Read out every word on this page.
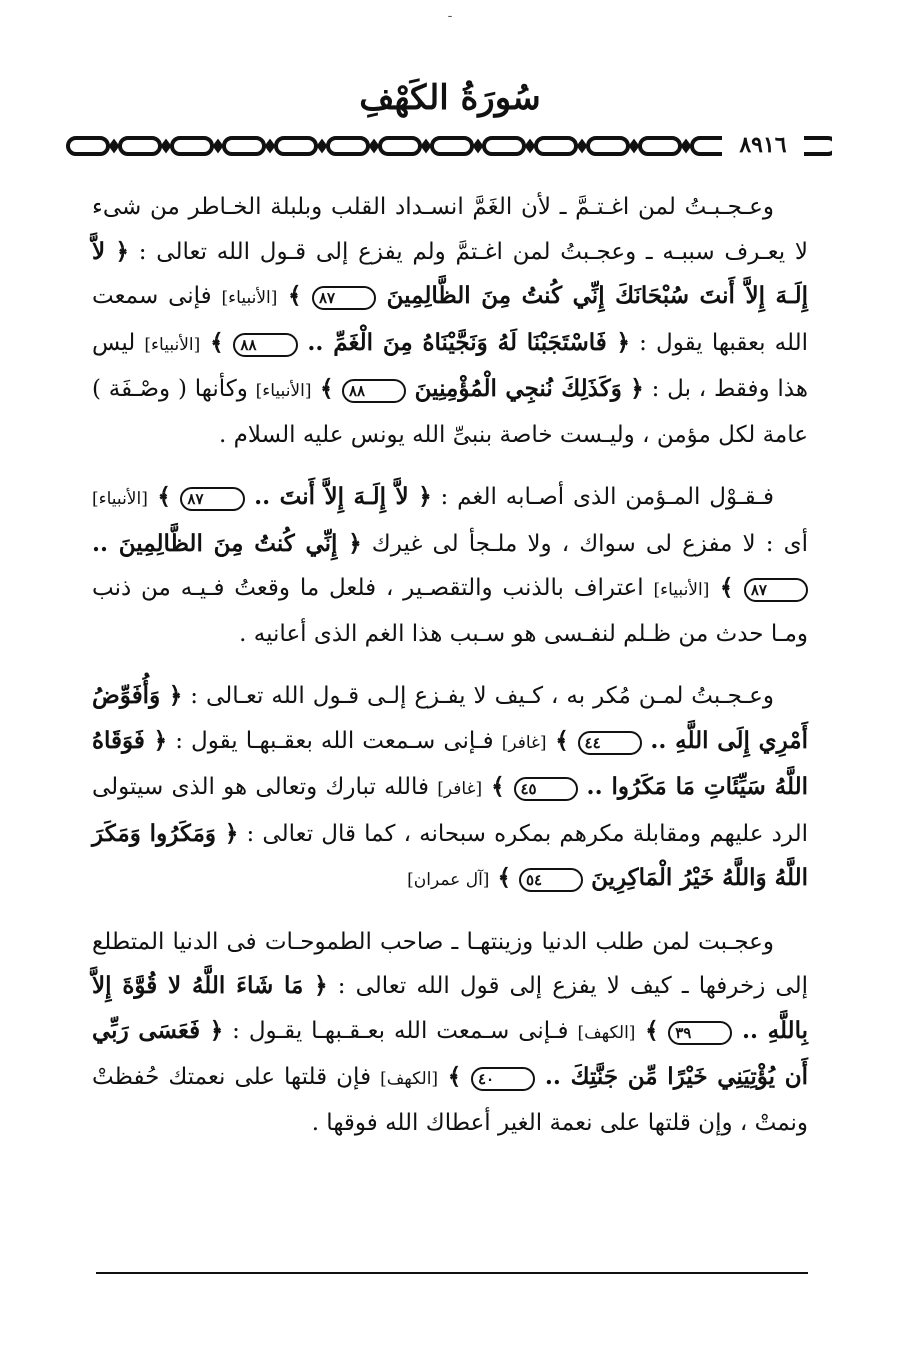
-
سُورَةُ الكَهْفِ
٨٩١٦

وعـجـبـتُ لمن اغـتـمَّ ـ لأن الغَمَّ انسـداد القلب وبلبلة الخـاطر من شىء لا يعـرف سببـه ـ وعجـبتُ لمن اغـتمَّ ولم يفزع إلى قـول الله تعالى : ﴿ لاَّ إِلَـهَ إِلاَّ أَنتَ سُبْحَانَكَ إِنِّي كُنتُ مِنَ الظَّالِمِينَ ٨٧ ﴾ [الأنبياء] فإنى سمعت الله بعقبها يقول : ﴿ فَاسْتَجَبْنَا لَهُ وَنَجَّيْنَاهُ مِنَ الْغَمِّ .. ٨٨ ﴾ [الأنبياء] ليس هذا وفقط ، بل : ﴿ وَكَذَلِكَ نُنجِي الْمُؤْمِنِينَ ٨٨ ﴾ [الأنبياء] وكأنها ( وصْـفَة ) عامة لكل مؤمن ، وليـست خاصة بنبىِّ الله يونس عليه السلام .

فـقـوْل المـؤمن الذى أصـابه الغم : ﴿ لاَّ إِلَـهَ إِلاَّ أَنتَ .. ٨٧ ﴾ [الأنبياء] أى : لا مفزع لى سواك ، ولا ملـجأ لى غيرك ﴿ إِنِّي كُنتُ مِنَ الظَّالِمِينَ .. ٨٧ ﴾ [الأنبياء] اعتراف بالذنب والتقصـير ، فلعل ما وقعتُ فـيـه من ذنب ومـا حدث من ظـلم لنفـسى هو سـبب هذا الغم الذى أعانيه .

وعـجـبتُ لمـن مُكر به ، كـيف لا يفـزع إلـى قـول الله تعـالى : ﴿ وَأُفَوِّضُ أَمْرِي إِلَى اللَّهِ .. ٤٤ ﴾ [غافر] فـإنى سـمعت الله بعقـبهـا يقول : ﴿ فَوَقَاهُ اللَّهُ سَيِّئَاتِ مَا مَكَرُوا .. ٤٥ ﴾ [غافر] فالله تبارك وتعالى هو الذى سيتولى الرد عليهم ومقابلة مكرهم بمكره سبحانه ، كما قال تعالى : ﴿ وَمَكَرُوا وَمَكَرَ اللَّهُ وَاللَّهُ خَيْرُ الْمَاكِرِينَ ٥٤ ﴾ [آل عمران]

وعجـبت لمن طلب الدنيا وزينتهـا ـ صاحب الطموحـات فى الدنيا المتطلع إلى زخرفها ـ كيف لا يفزع إلى قول الله تعالى : ﴿ مَا شَاءَ اللَّهُ لا قُوَّةَ إِلاَّ بِاللَّهِ .. ٣٩ ﴾ [الكهف] فـإنى سـمعت الله بعـقـبهـا يقـول : ﴿ فَعَسَى رَبِّي أَن يُؤْتِيَنِي خَيْرًا مِّن جَنَّتِكَ .. ٤٠ ﴾ [الكهف] فإن قلتها على نعمتك حُفظتْ ونمتْ ، وإن قلتها على نعمة الغير أعطاك الله فوقها .
